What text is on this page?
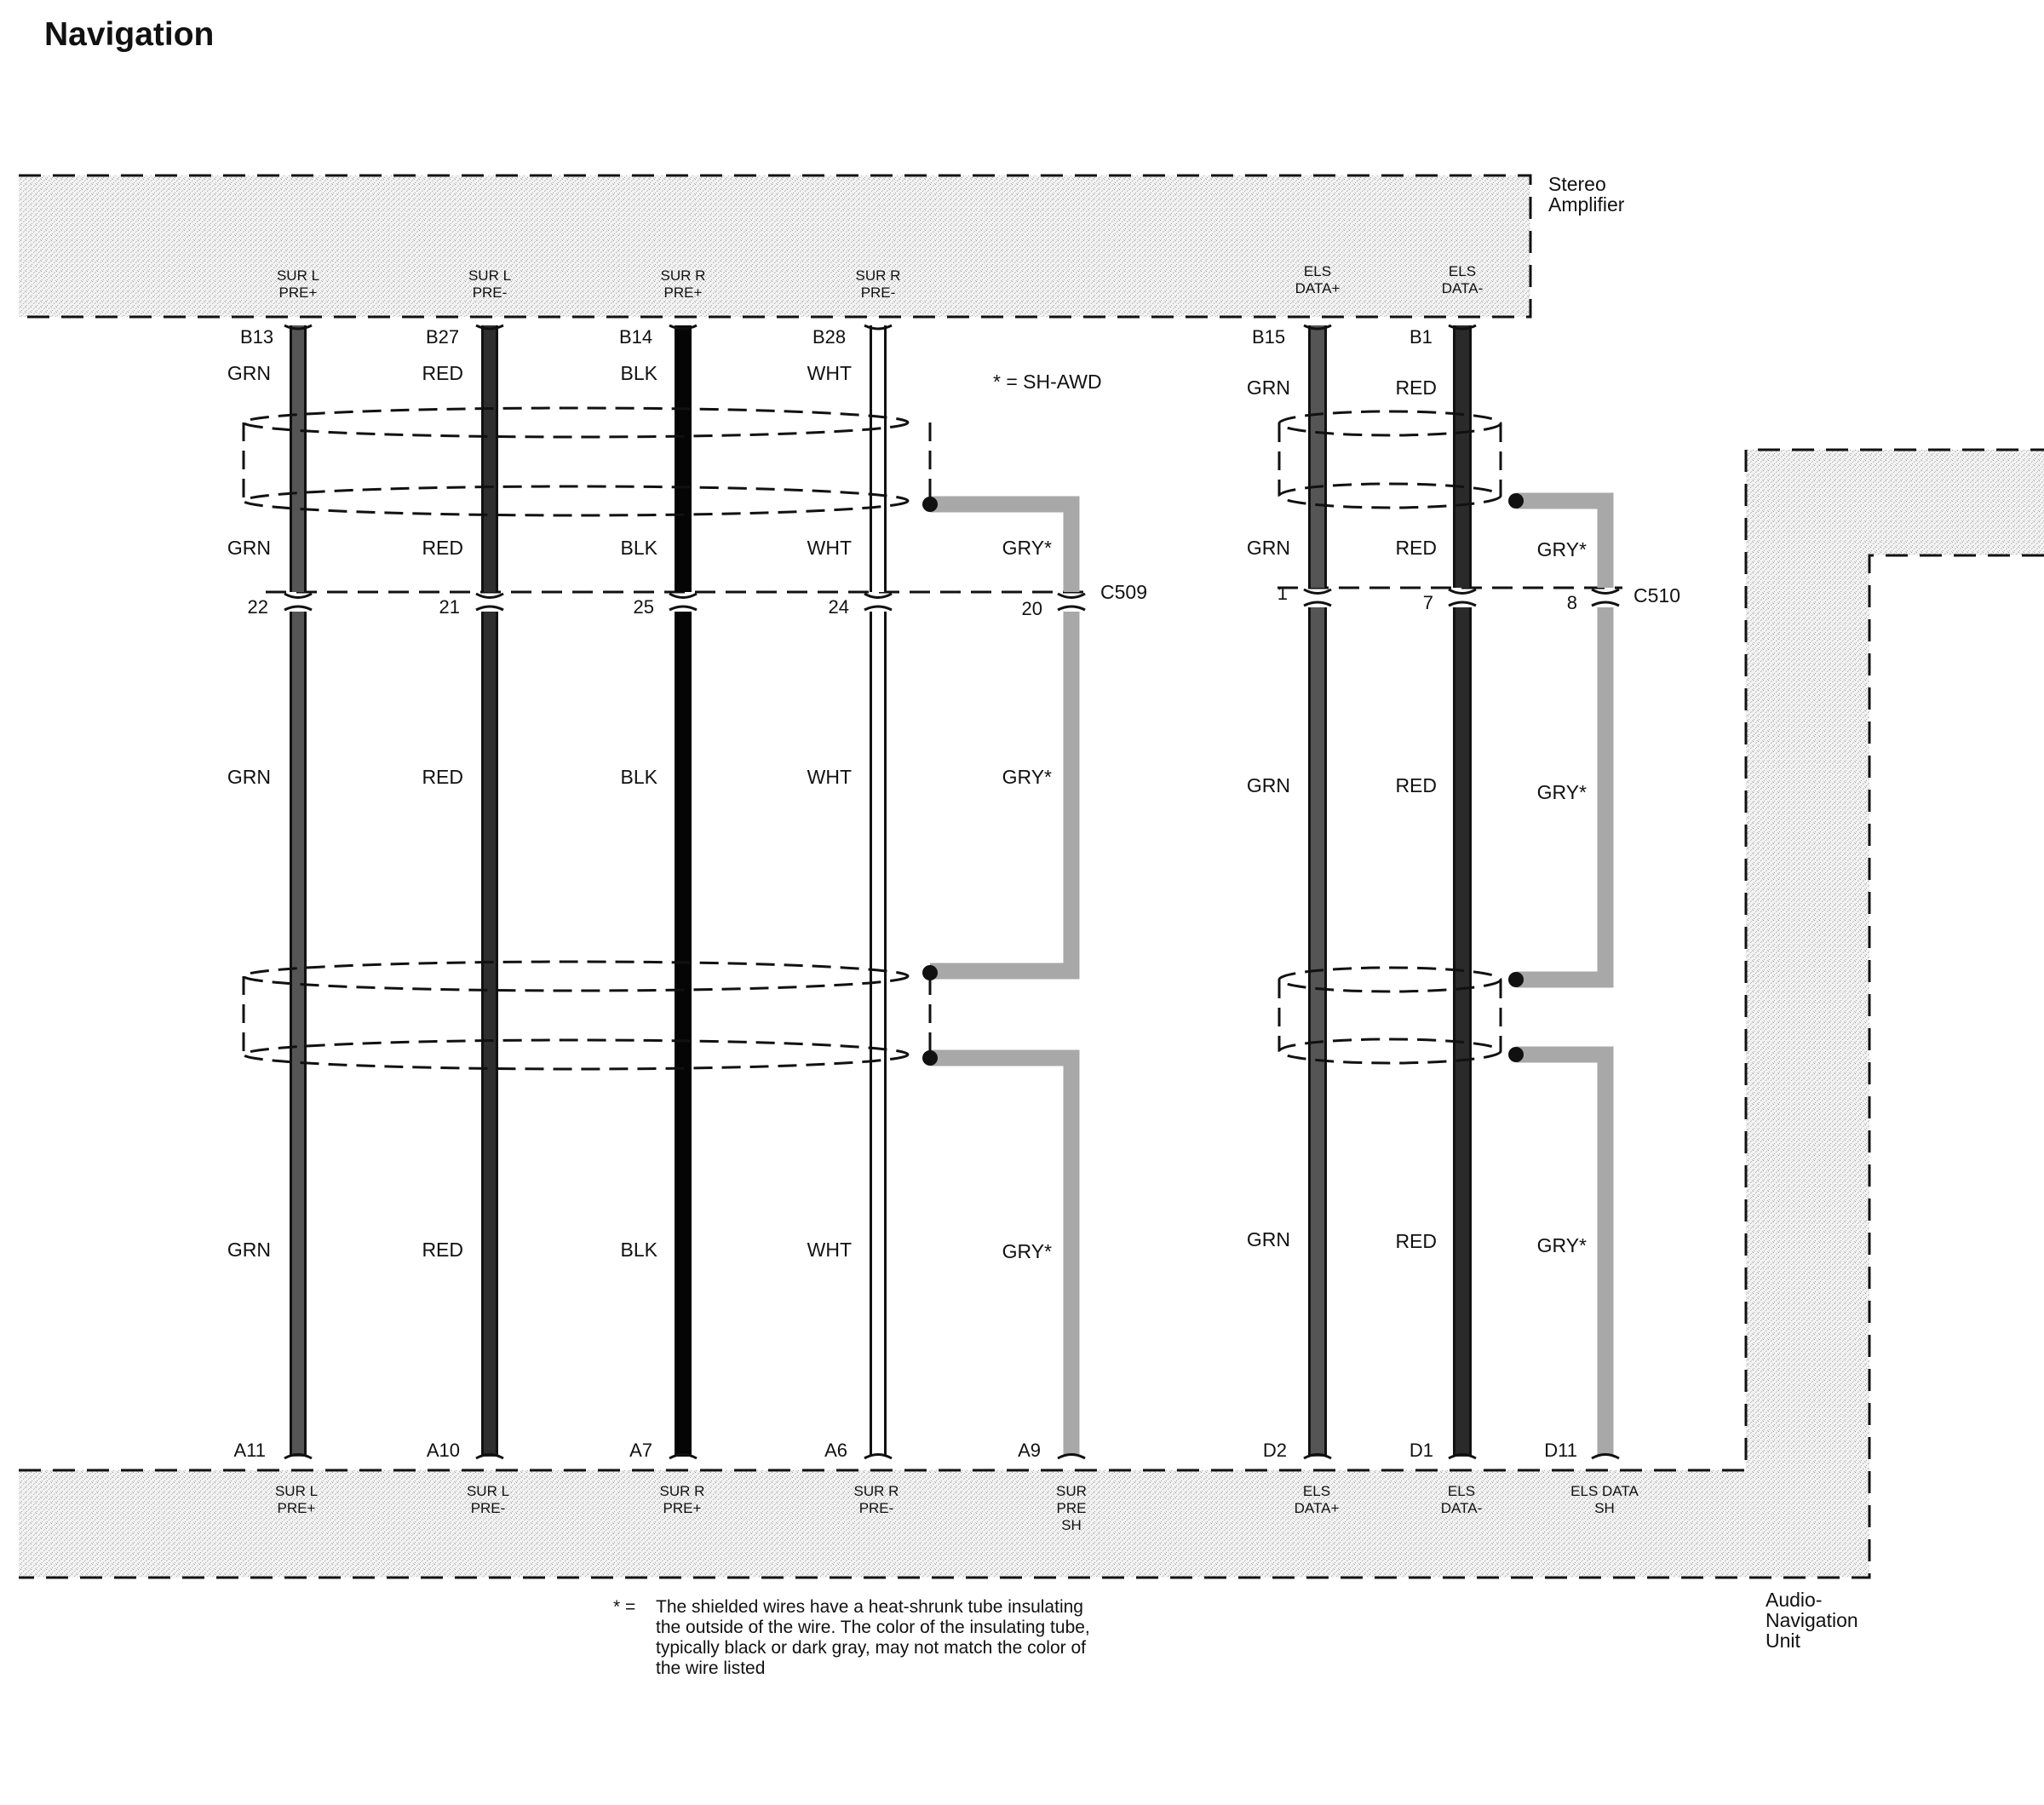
Navigation
Stereo
Amplifier
Audio-
Navigation
Unit
C509	C510
* = SH-AWD
SUR L
PRE+
SUR L
PRE-
SUR R
PRE+
SUR R
PRE-
ELS
DATA+
ELS
DATA-
B13	B27	B14	B28	B15	B1
GRN	RED	BLK	WHT
GRN	RED
GRN	RED	BLK	WHT	GRY*	GRN	RED	GRY*
GRN	RED	BLK	WHT	GRY*	GRN	RED	GRY*
GRN	RED	BLK	WHT	GRY*
GRN	RED	GRY*
22	21	25	24	20
1	7	8
A11	A10	A7	A6	A9	D2	D1	D11
SUR L
PRE+
SUR L
PRE-
SUR R
PRE+
SUR R
PRE-
SUR
PRE
SH
ELS
DATA+
ELS
DATA-
ELS DATA
SH
* = The shielded wires have a heat-shrunk tube insulating
the outside of the wire. The color of the insulating tube,
typically black or dark gray, may not match the color of
the wire listed
